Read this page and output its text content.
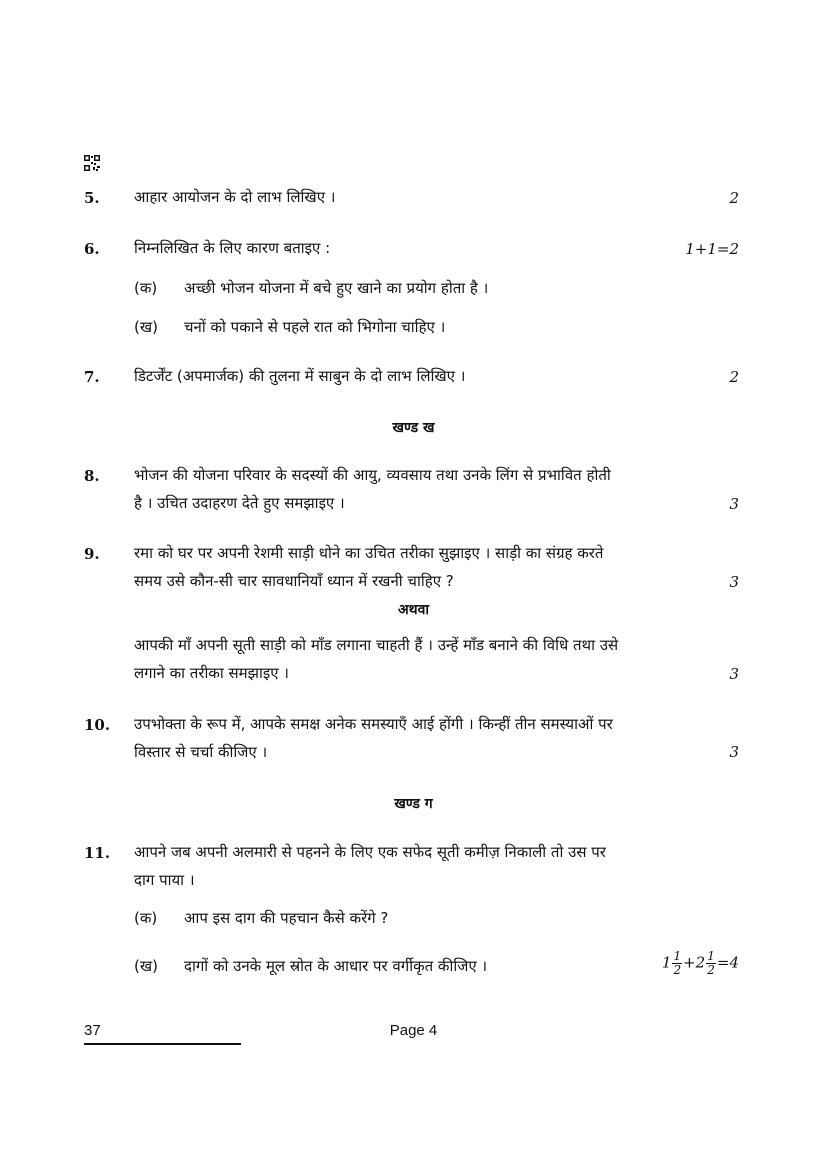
5. आहार आयोजन के दो लाभ लिखिए ।	2
6. निम्नलिखित के लिए कारण बताइए :	1+1=2
(क) अच्छी भोजन योजना में बचे हुए खाने का प्रयोग होता है ।
(ख) चनों को पकाने से पहले रात को भिगोना चाहिए ।
7. डिटर्जेंट (अपमार्जक) की तुलना में साबुन के दो लाभ लिखिए ।	2
खण्ड ख
8. भोजन की योजना परिवार के सदस्यों की आयु, व्यवसाय तथा उनके लिंग से प्रभावित होती
है । उचित उदाहरण देते हुए समझाइए ।	3
9. रमा को घर पर अपनी रेशमी साड़ी धोने का उचित तरीका सुझाइए । साड़ी का संग्रह करते
समय उसे कौन-सी चार सावधानियाँ ध्यान में रखनी चाहिए ?	3
अथवा
आपकी माँ अपनी सूती साड़ी को माँड लगाना चाहती हैं । उन्हें माँड बनाने की विधि तथा उसे
लगाने का तरीका समझाइए ।	3
10. उपभोक्ता के रूप में, आपके समक्ष अनेक समस्याएँ आई होंगी । किन्हीं तीन समस्याओं पर
विस्तार से चर्चा कीजिए ।	3
खण्ड ग
11. आपने जब अपनी अलमारी से पहनने के लिए एक सफेद सूती कमीज़ निकाली तो उस पर
दाग पाया ।
(क) आप इस दाग की पहचान कैसे करेंगे ?
(ख) दागों को उनके मूल स्रोत के आधार पर वर्गीकृत कीजिए ।	$1 \frac{1}{2} +2 \frac{1}{2} =4$
37	Page 4
